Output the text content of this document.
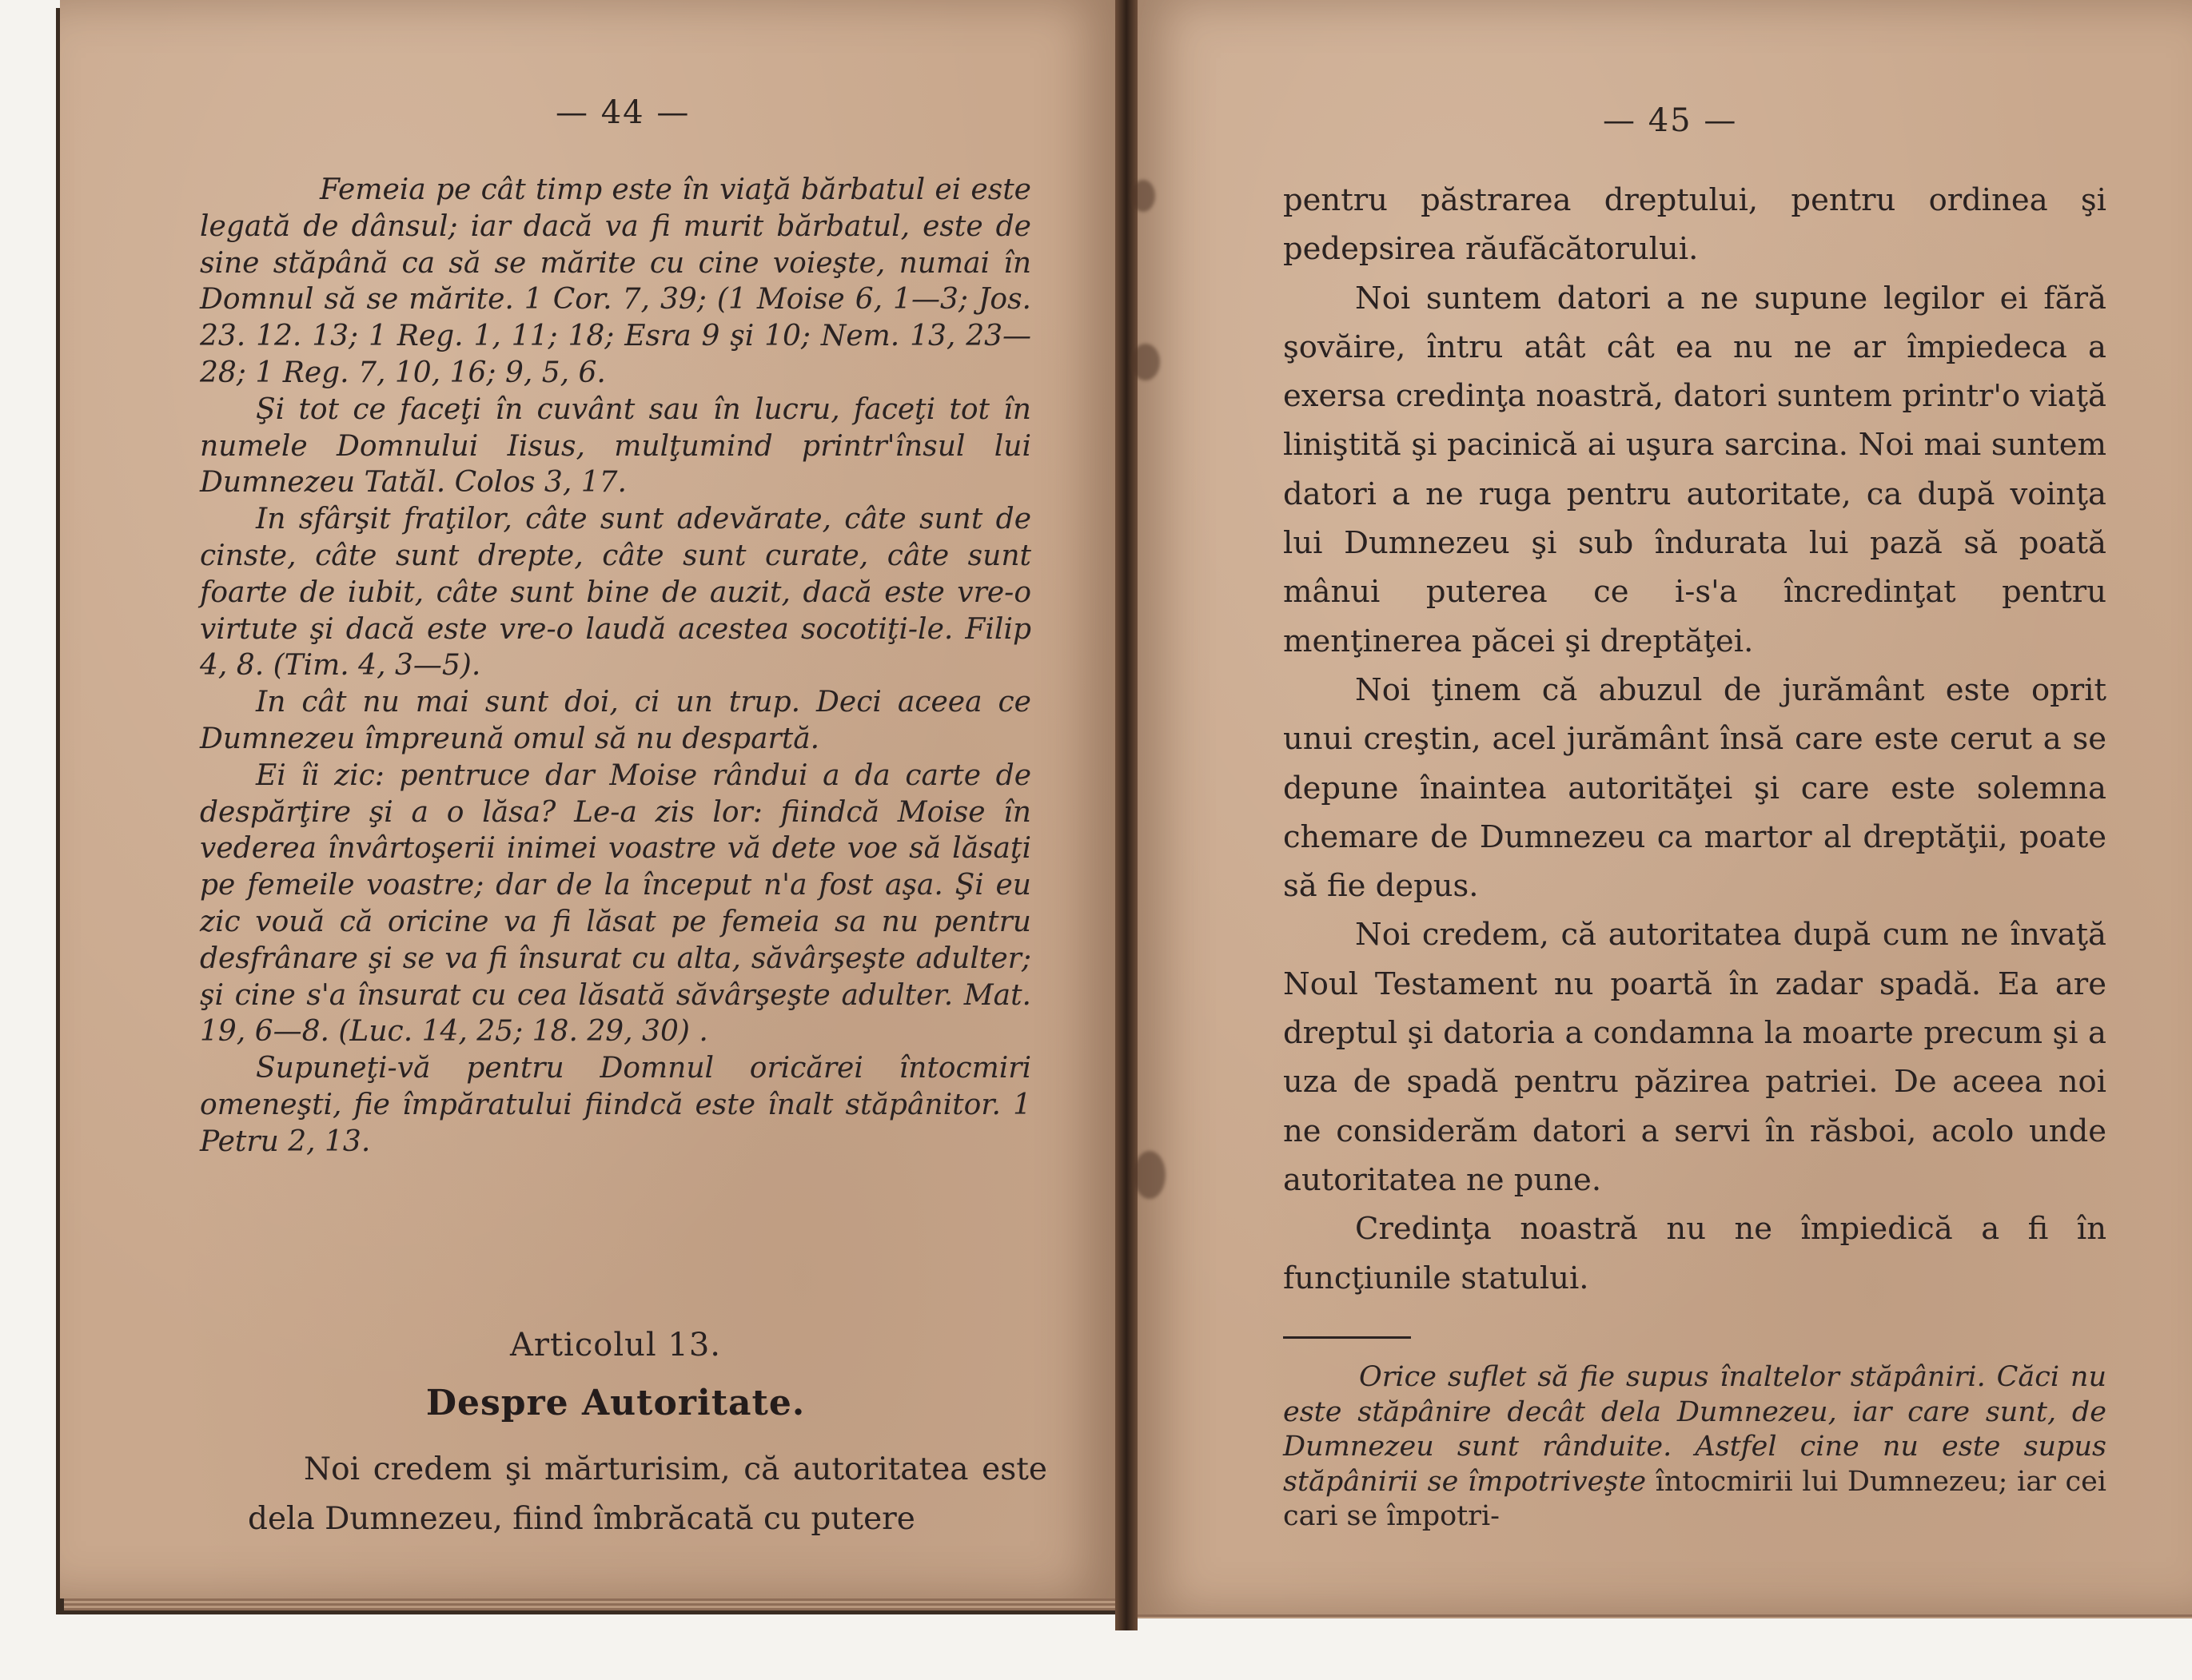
— 44 —

Femeia pe cât timp este în viaţă bărbatul ei este legată de dânsul; iar dacă va fi murit bărbatul, este de sine stăpână ca să se mărite cu cine voieşte, numai în Domnul să se mărite. 1 Cor. 7, 39; (1 Moise 6, 1—3; Jos. 23. 12. 13; 1 Reg. 1, 11; 18; Esra 9 şi 10; Nem. 13, 23—28; 1 Reg. 7, 10, 16; 9, 5, 6.

Şi tot ce faceţi în cuvânt sau în lucru, faceţi tot în numele Domnului Iisus, mulţumind printr'însul lui Dumnezeu Tatăl. Colos 3, 17.

In sfârşit fraţilor, câte sunt adevărate, câte sunt de cinste, câte sunt drepte, câte sunt curate, câte sunt foarte de iubit, câte sunt bine de auzit, dacă este vre-o virtute şi dacă este vre-o laudă acestea socotiţi-le. Filip 4, 8. (Tim. 4, 3—5).

In cât nu mai sunt doi, ci un trup. Deci aceea ce Dumnezeu împreună omul să nu despartă.

Ei îi zic: pentruce dar Moise rândui a da carte de despărţire şi a o lăsa? Le-a zis lor: fiindcă Moise în vederea învârtoşerii inimei voastre vă dete voe să lăsaţi pe femeile voastre; dar de la început n'a fost aşa. Şi eu zic vouă că oricine va fi lăsat pe femeia sa nu pentru desfrânare şi se va fi însurat cu alta, săvârşeşte adulter; şi cine s'a însurat cu cea lăsată săvârşeşte adulter. Mat. 19, 6—8. (Luc. 14, 25; 18. 29, 30) .

Supuneţi-vă pentru Domnul oricărei întocmiri omeneşti, fie împăratului fiindcă este înalt stăpânitor. 1 Petru 2, 13.

Articolul 13.
Despre Autoritate.

Noi credem şi mărturisim, că autoritatea este dela Dumnezeu, fiind îmbrăcată cu putere

— 45 —

pentru păstrarea dreptului, pentru ordinea şi pedepsirea răufăcătorului.

Noi suntem datori a ne supune legilor ei fără şovăire, întru atât cât ea nu ne ar împiedeca a exersa credinţa noastră, datori suntem printr'o viaţă liniştită şi pacinică ai uşura sarcina. Noi mai suntem datori a ne ruga pentru autoritate, ca după voinţa lui Dumnezeu şi sub îndurata lui pază să poată mânui puterea ce i-s'a încredinţat pentru menţinerea păcei şi dreptăţei.

Noi ţinem că abuzul de jurământ este oprit unui creştin, acel jurământ însă care este cerut a se depune înaintea autorităţei şi care este solemna chemare de Dumnezeu ca martor al dreptăţii, poate să fie depus.

Noi credem, că autoritatea după cum ne învaţă Noul Testament nu poartă în zadar spadă. Ea are dreptul şi datoria a condamna la moarte precum şi a uza de spadă pentru păzirea patriei. De aceea noi ne considerăm datori a servi în răsboi, acolo unde autoritatea ne pune.

Credinţa noastră nu ne împiedică a fi în funcţiunile statului.

Orice suflet să fie supus înaltelor stăpâniri. Căci nu este stăpânire decât dela Dumnezeu, iar care sunt, de Dumnezeu sunt rânduite. Astfel cine nu este supus stăpânirii se împotriveşte întocmirii lui Dumnezeu; iar cei cari se împotri-
